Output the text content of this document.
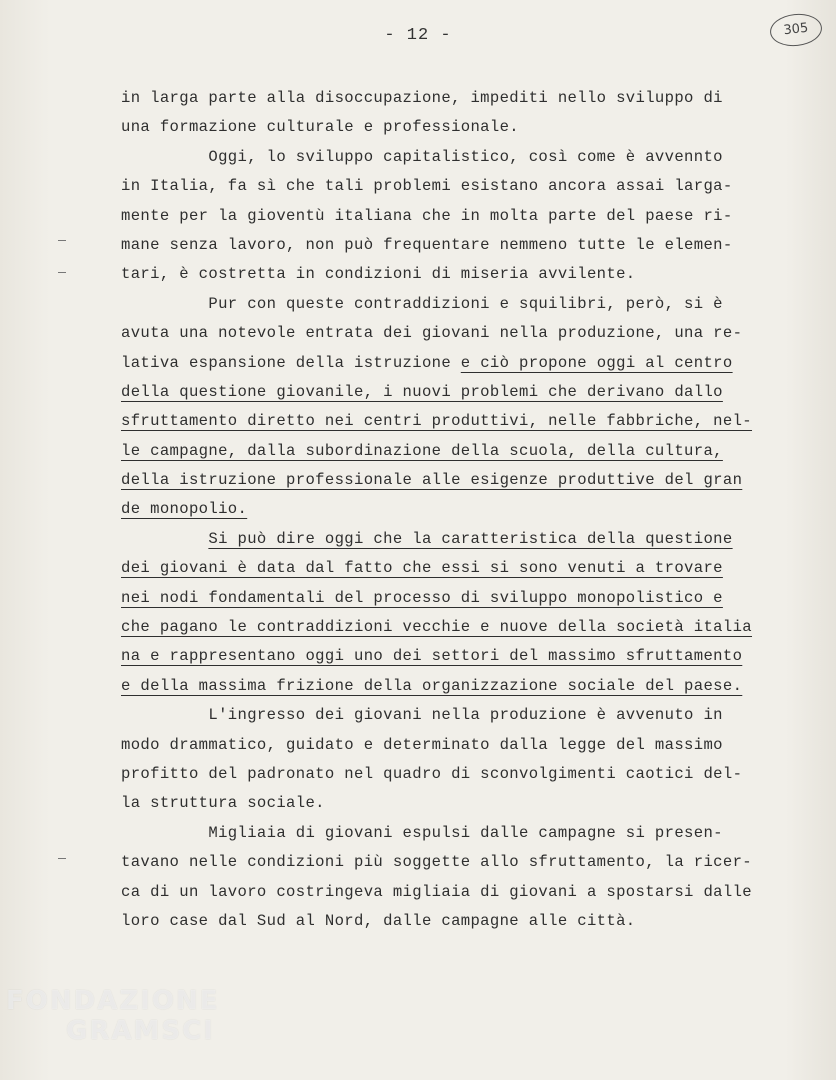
- 12 -	305
in larga parte alla disoccupazione, impediti nello sviluppo di
una formazione culturale e professionale.
Oggi, lo sviluppo capitalistico, così come è avvennto
in Italia, fa sì che tali problemi esistano ancora assai larga-
mente per la gioventù italiana che in molta parte del paese ri-
mane senza lavoro, non può frequentare nemmeno tutte le elemen-
tari, è costretta in condizioni di miseria avvilente.
Pur con queste contraddizioni e squilibri, però, si è
avuta una notevole entrata dei giovani nella produzione, una re-
lativa espansione della istruzione e ciò propone oggi al centro
della questione giovanile, i nuovi problemi che derivano dallo
sfruttamento diretto nei centri produttivi, nelle fabbriche, nel-
le campagne, dalla subordinazione della scuola, della cultura,
della istruzione professionale alle esigenze produttive del gran
de monopolio.
Si può dire oggi che la caratteristica della questione
dei giovani è data dal fatto che essi si sono venuti a trovare
nei nodi fondamentali del processo di sviluppo monopolistico e
che pagano le contraddizioni vecchie e nuove della società italia
na e rappresentano oggi uno dei settori del massimo sfruttamento
e della massima frizione della organizzazione sociale del paese.
L'ingresso dei giovani nella produzione è avvenuto in
modo drammatico, guidato e determinato dalla legge del massimo
profitto del padronato nel quadro di sconvolgimenti caotici del-
la struttura sociale.
Migliaia di giovani espulsi dalle campagne si presen-
tavano nelle condizioni più soggette allo sfruttamento, la ricer-
ca di un lavoro costringeva migliaia di giovani a spostarsi dalle
loro case dal Sud al Nord, dalle campagne alle città.
FONDAZIONE
GRAMSCI
